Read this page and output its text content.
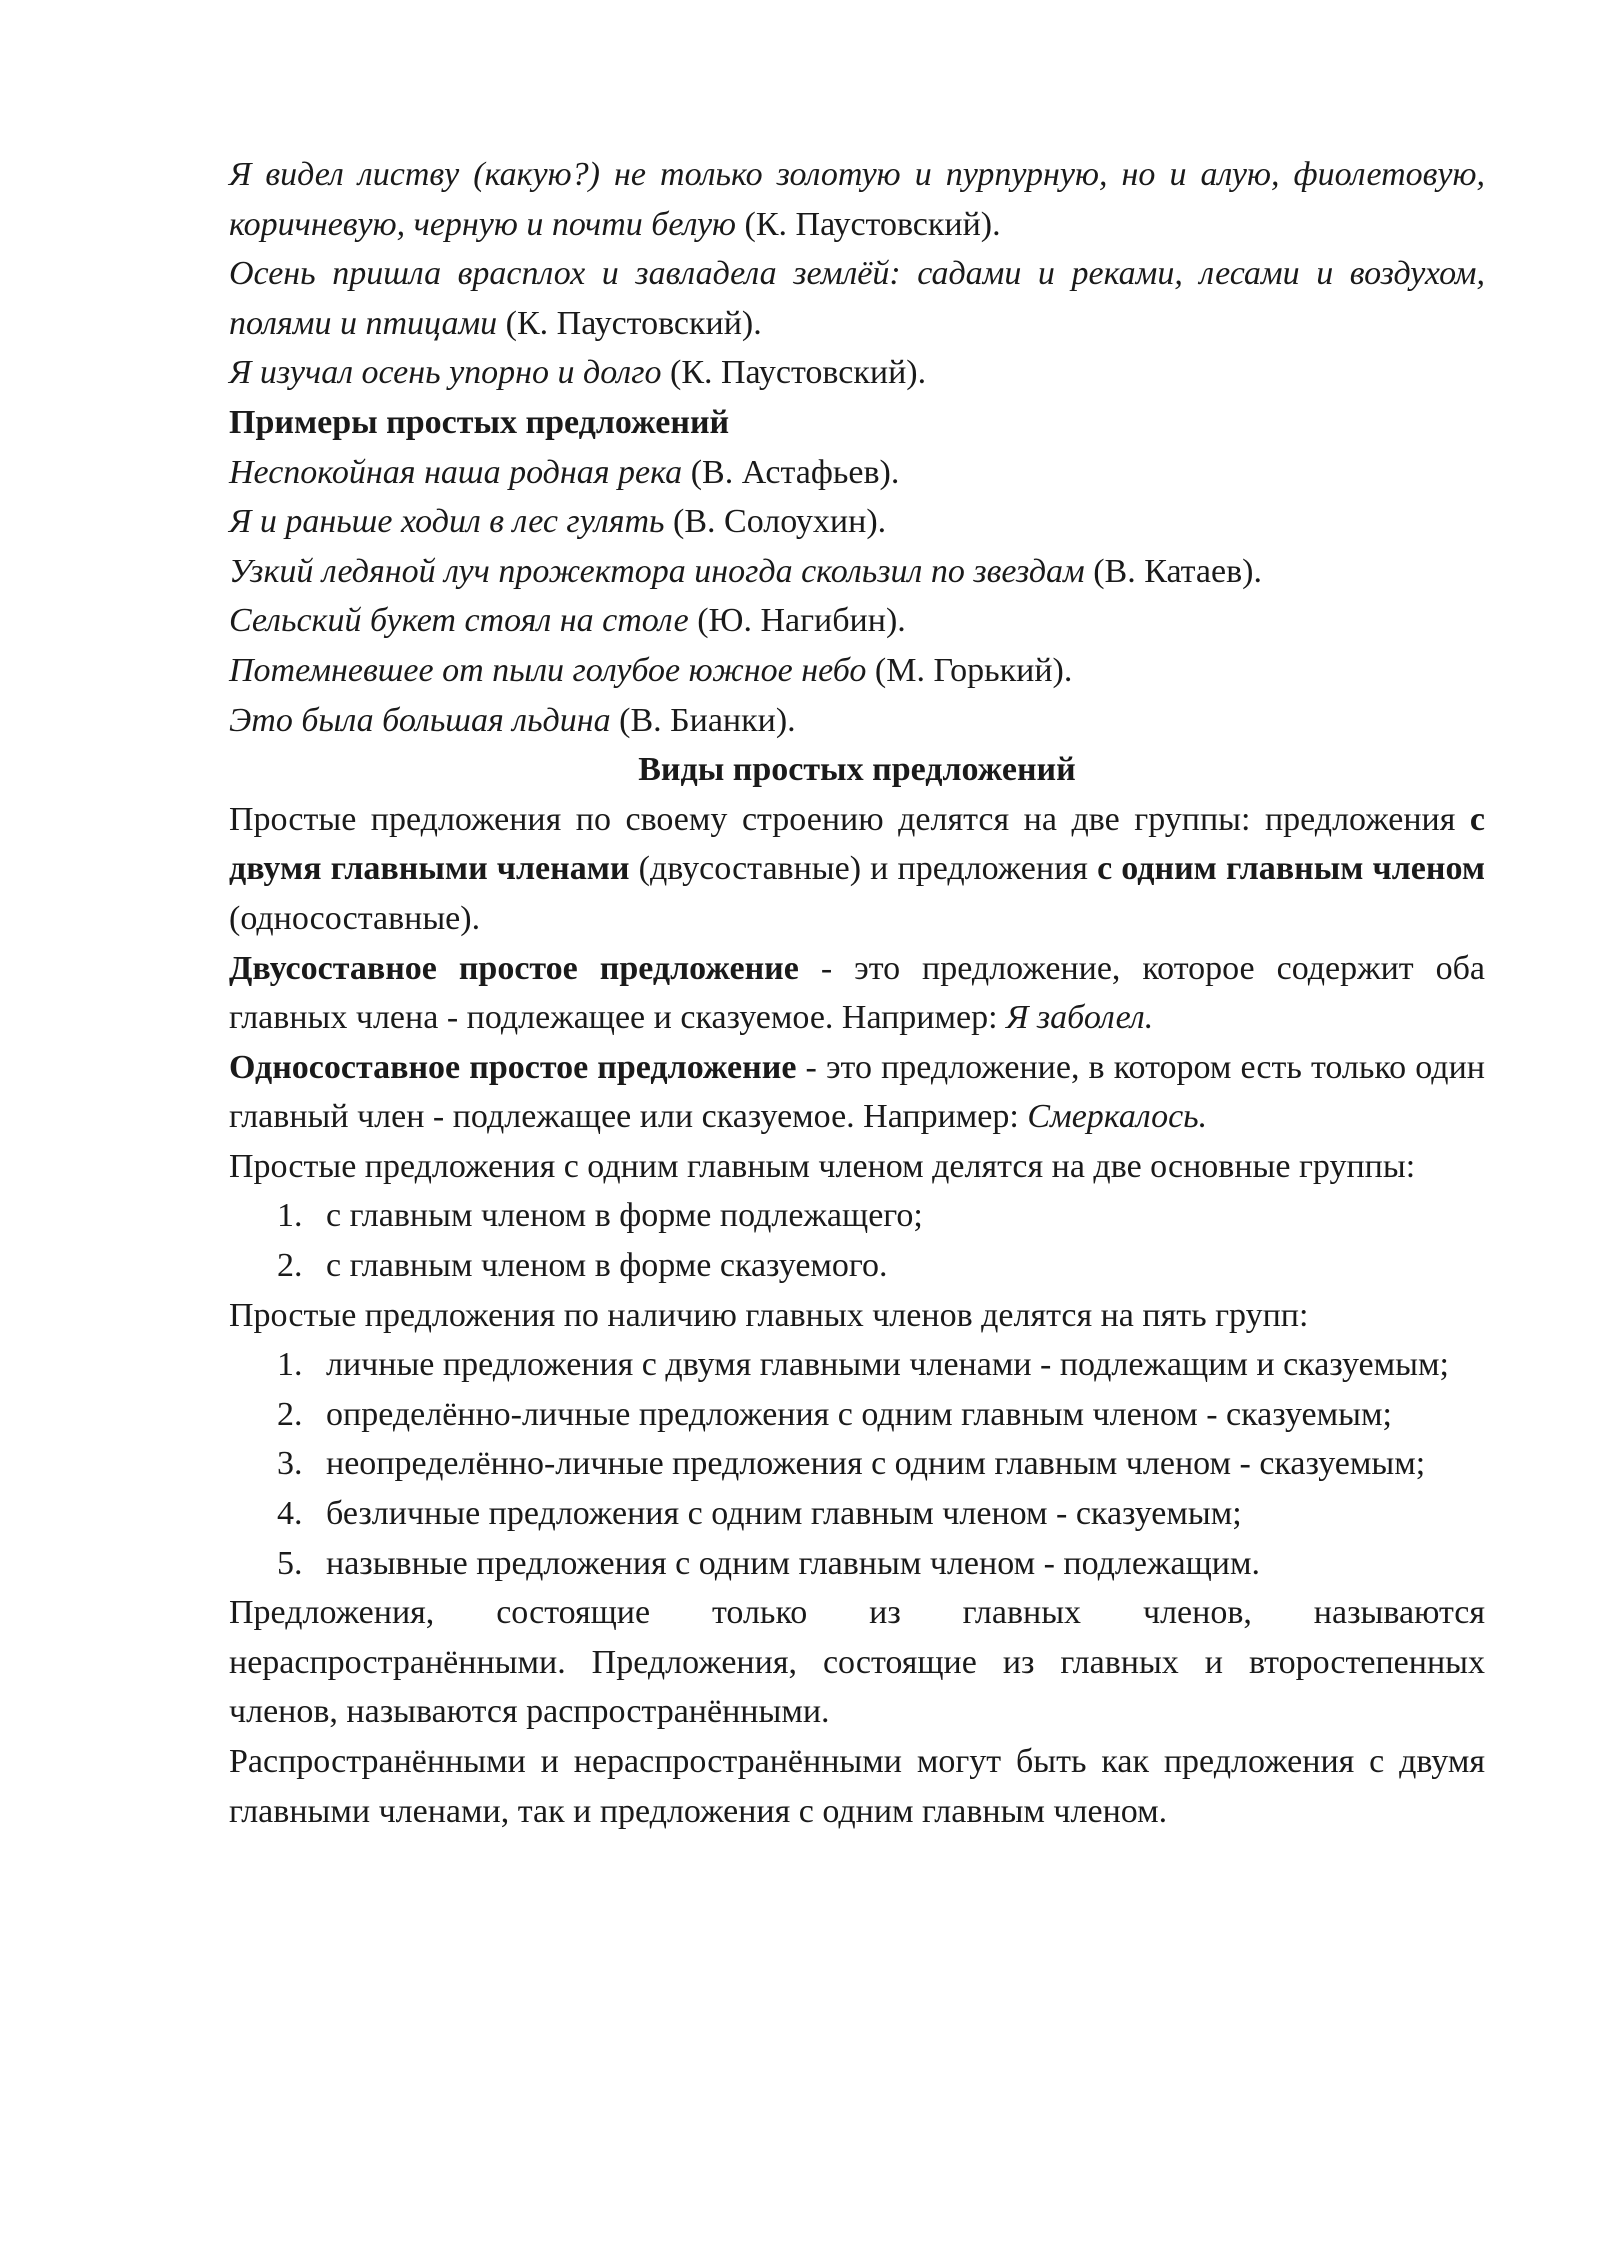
Я видел листву (какую?) не только золотую и пурпурную, но и алую, фиолетовую, коричневую, черную и почти белую (К. Паустовский).

Осень пришла врасплох и завладела землёй: садами и реками, лесами и воздухом, полями и птицами (К. Паустовский).

Я изучал осень упорно и долго (К. Паустовский).

Примеры простых предложений

Неспокойная наша родная река (В. Астафьев).

Я и раньше ходил в лес гулять (В. Солоухин).

Узкий ледяной луч прожектора иногда скользил по звездам (В. Катаев).

Сельский букет стоял на столе (Ю. Нагибин).

Потемневшее от пыли голубое южное небо (М. Горький).

Это была большая льдина (В. Бианки).

Виды простых предложений

Простые предложения по своему строению делятся на две группы: предложения с двумя главными членами (двусоставные) и предложения с одним главным членом (односоставные).

Двусоставное простое предложение - это предложение, которое содержит оба главных члена - подлежащее и сказуемое. Например: Я заболел.

Односоставное простое предложение - это предложение, в котором есть только один главный член - подлежащее или сказуемое. Например: Смеркалось.

Простые предложения с одним главным членом делятся на две основные группы:

1. с главным членом в форме подлежащего;
2. с главным членом в форме сказуемого.

Простые предложения по наличию главных членов делятся на пять групп:

1. личные предложения с двумя главными членами - подлежащим и сказуемым;
2. определённо-личные предложения с одним главным членом - сказуемым;
3. неопределённо-личные предложения с одним главным членом - сказуемым;
4. безличные предложения с одним главным членом - сказуемым;
5. назывные предложения с одним главным членом - подлежащим.

Предложения, состоящие только из главных членов, называются нераспространёнными. Предложения, состоящие из главных и второстепенных членов, называются распространёнными.

Распространёнными и нераспространёнными могут быть как предложения с двумя главными членами, так и предложения с одним главным членом.
